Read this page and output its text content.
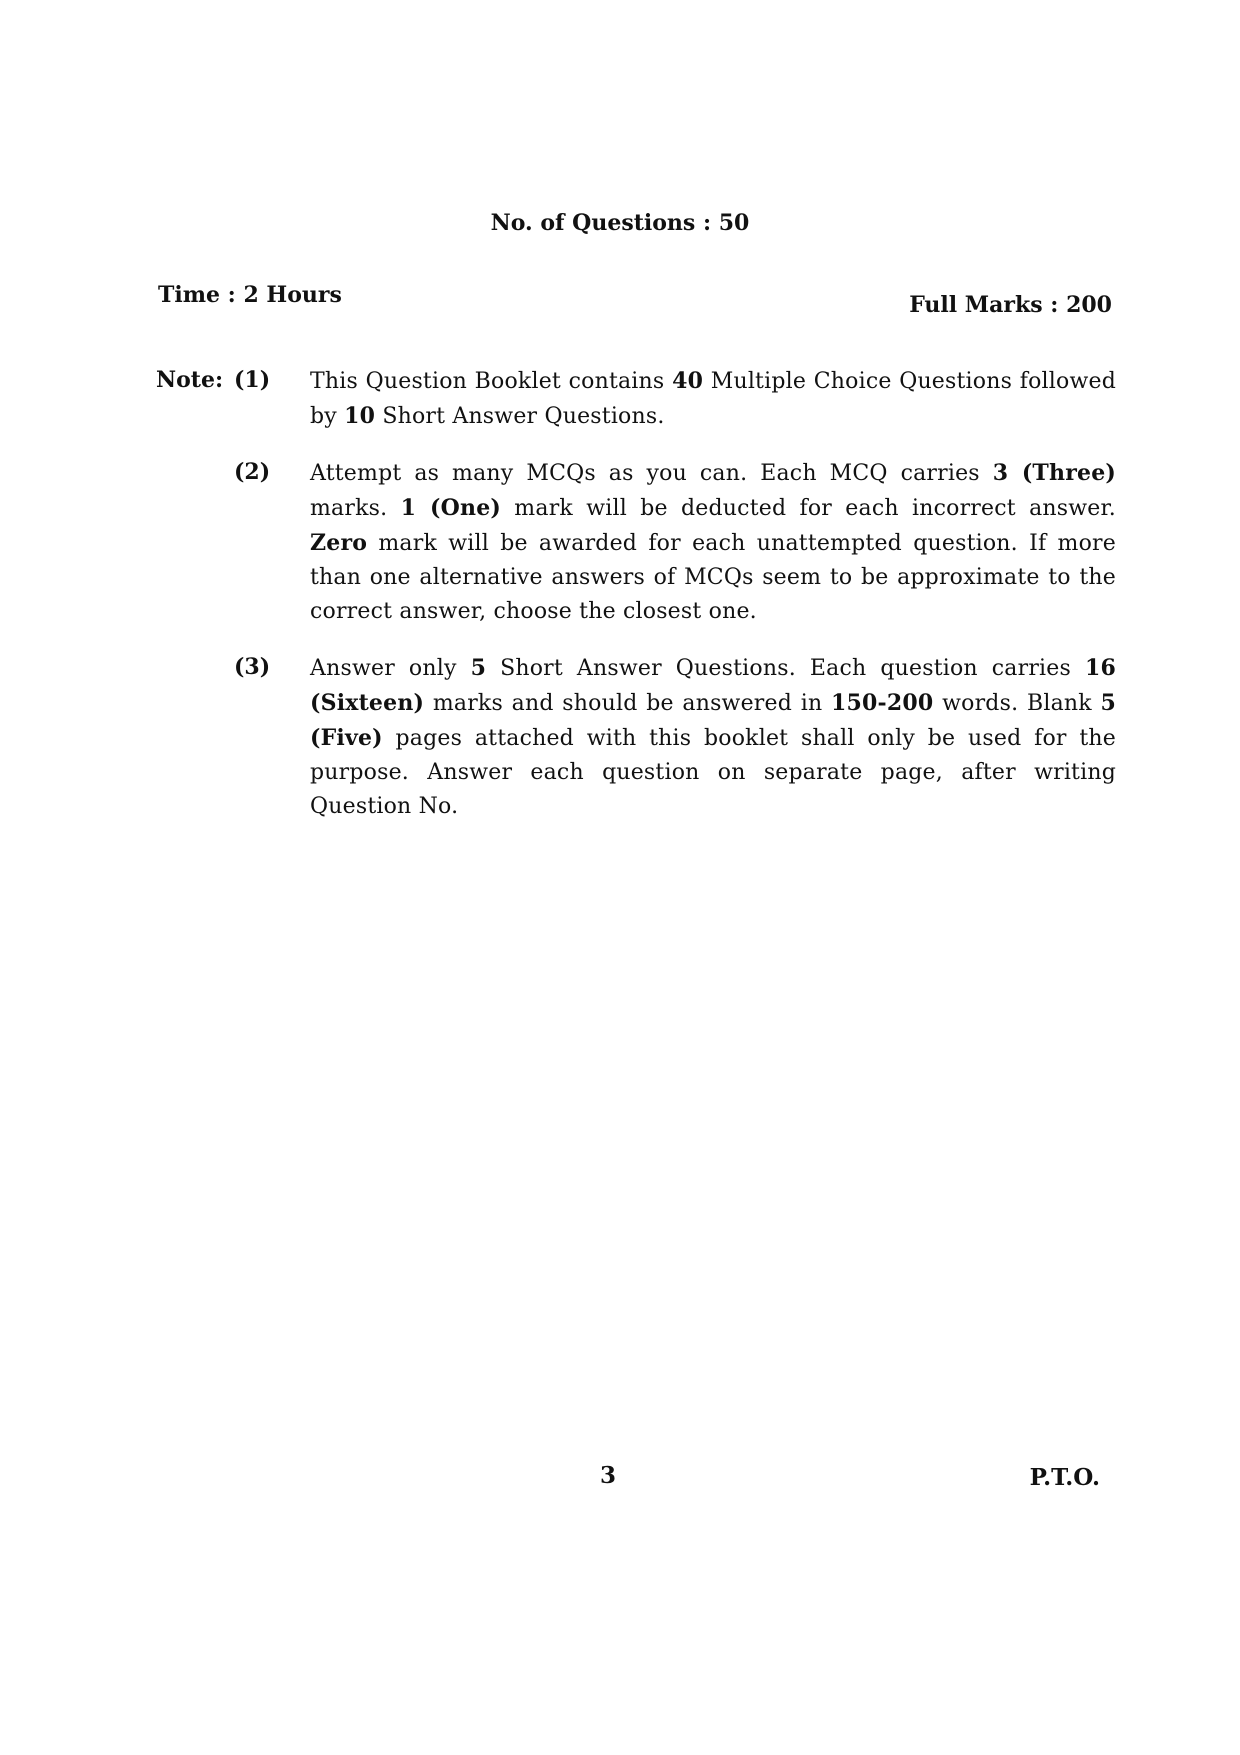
No. of Questions : 50
Time : 2 Hours	Full Marks : 200
Note: (1)	This Question Booklet contains 40 Multiple Choice Questions followed by 10 Short Answer Questions.
(2)	Attempt as many MCQs as you can. Each MCQ carries 3 (Three) marks. 1 (One) mark will be deducted for each incorrect answer. Zero mark will be awarded for each unattempted question. If more than one alternative answers of MCQs seem to be approximate to the correct answer, choose the closest one.
(3)	Answer only 5 Short Answer Questions. Each question carries 16 (Sixteen) marks and should be answered in 150-200 words. Blank 5 (Five) pages attached with this booklet shall only be used for the purpose. Answer each question on separate page, after writing Question No.
3	P.T.O.
